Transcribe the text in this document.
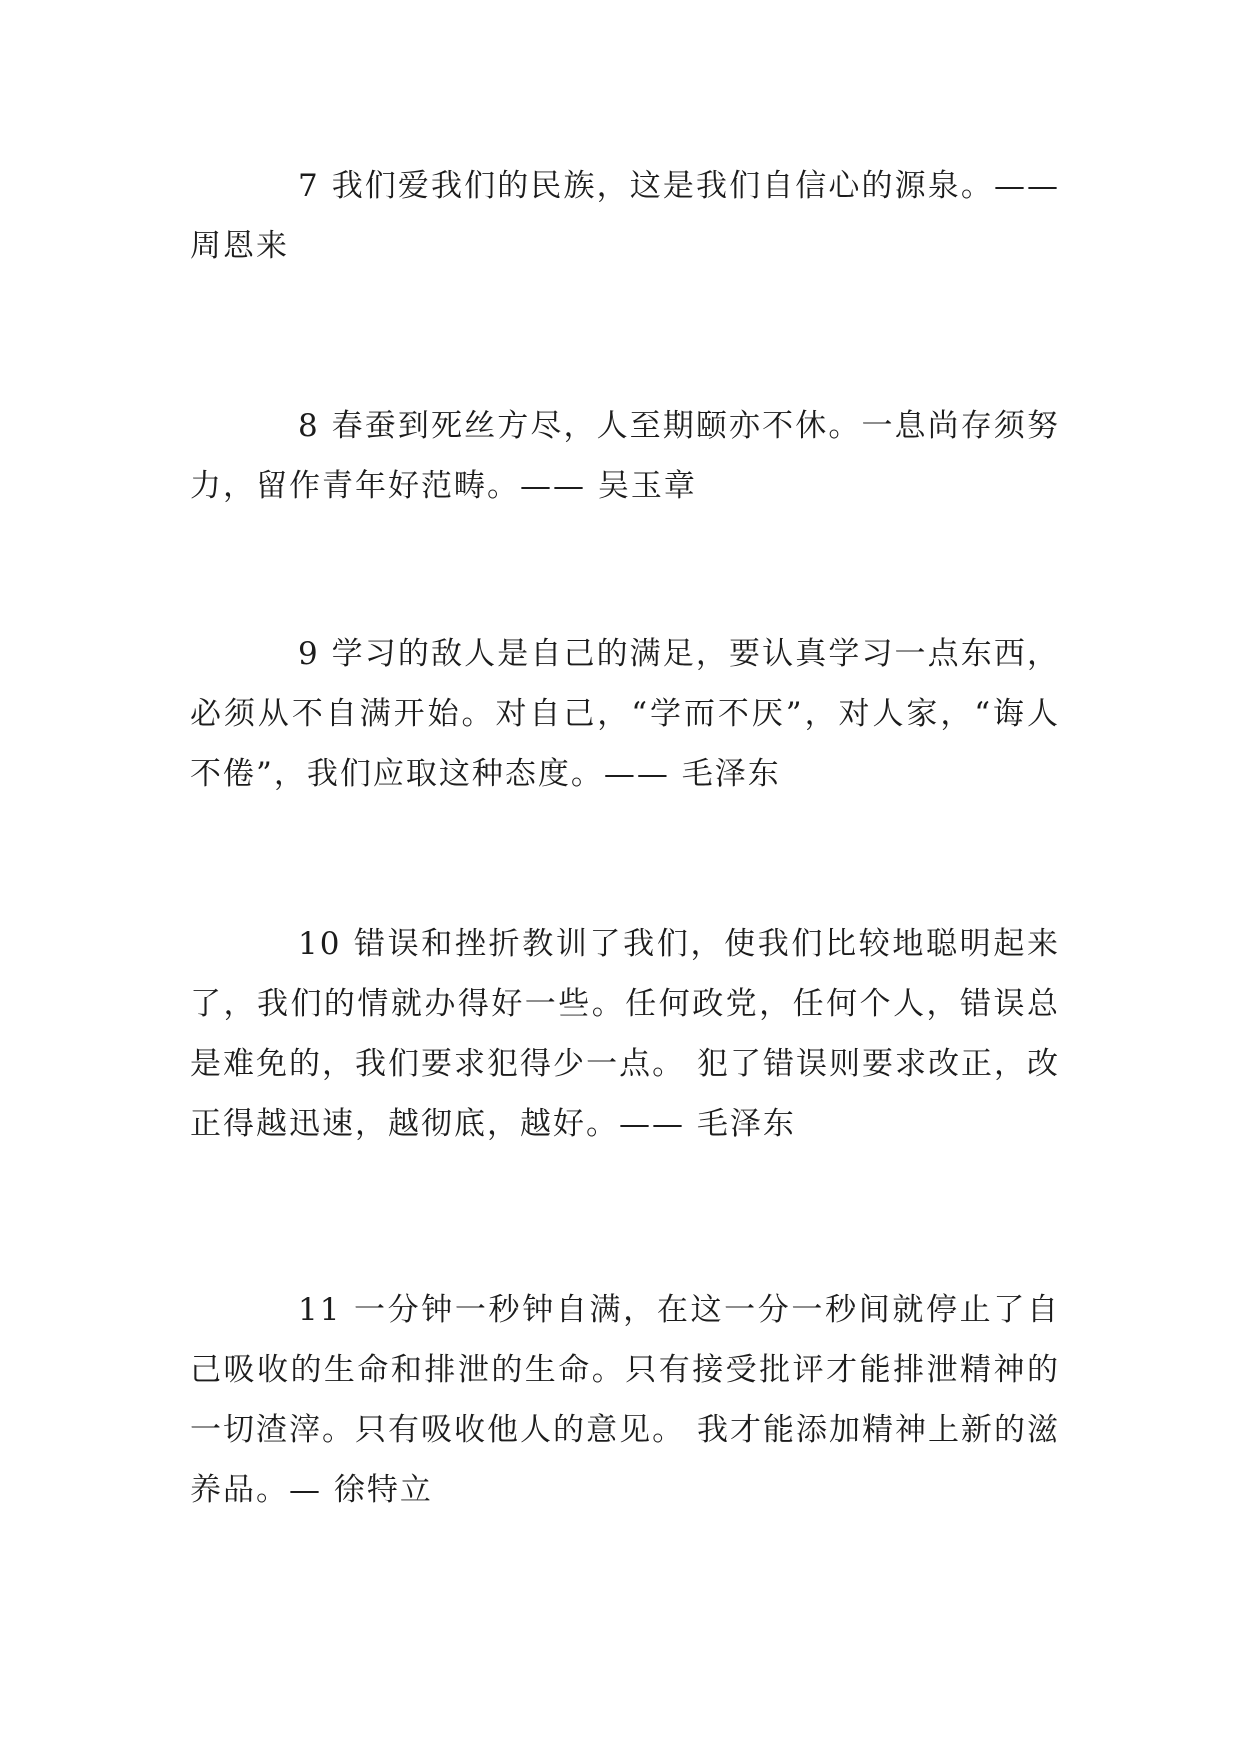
7 我们爱我们的民族，这是我们自信心的源泉。——周恩来

8 春蚕到死丝方尽，人至期颐亦不休。一息尚存须努力，留作青年好范畴。—— 吴玉章

9 学习的敌人是自己的满足，要认真学习一点东西，必须从不自满开始。对自己，“学而不厌”，对人家，“诲人不倦”，我们应取这种态度。—— 毛泽东

10 错误和挫折教训了我们，使我们比较地聪明起来了，我们的情就办得好一些。任何政党，任何个人，错误总是难免的，我们要求犯得少一点。 犯了错误则要求改正，改正得越迅速，越彻底，越好。—— 毛泽东

11 一分钟一秒钟自满，在这一分一秒间就停止了自己吸收的生命和排泄的生命。只有接受批评才能排泄精神的一切渣滓。只有吸收他人的意见。 我才能添加精神上新的滋养品。— 徐特立
